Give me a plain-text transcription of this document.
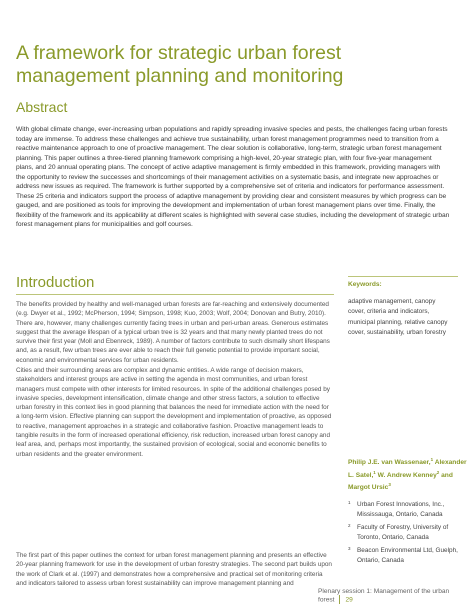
A framework for strategic urban forest management planning and monitoring
Abstract

With global climate change, ever-increasing urban populations and rapidly spreading invasive species and pests, the challenges facing urban forests today are immense. To address these challenges and achieve true sustainability, urban forest management programmes need to transition from a reactive maintenance approach to one of proactive management. The clear solution is collaborative, long-term, strategic urban forest management planning. This paper outlines a three-tiered planning framework comprising a high-level, 20-year strategic plan, with four five-year management plans, and 20 annual operating plans. The concept of active adaptive management is firmly embedded in this framework, providing managers with the opportunity to review the successes and shortcomings of their management activities on a systematic basis, and integrate new approaches or address new issues as required. The framework is further supported by a comprehensive set of criteria and indicators for performance assessment. These 25 criteria and indicators support the process of adaptive management by providing clear and consistent measures by which progress can be gauged, and are positioned as tools for improving the development and implementation of urban forest management plans over time. Finally, the flexibility of the framework and its applicability at different scales is highlighted with several case studies, including the development of strategic urban forest management plans for municipalities and golf courses.

Introduction

The benefits provided by healthy and well-managed urban forests are far-reaching and extensively documented (e.g. Dwyer et al., 1992; McPherson, 1994; Simpson, 1998; Kuo, 2003; Wolf, 2004; Donovan and Butry, 2010). There are, however, many challenges currently facing trees in urban and peri-urban areas. Generous estimates suggest that the average lifespan of a typical urban tree is 32 years and that many newly planted trees do not survive their first year (Moll and Ebenreck, 1989). A number of factors contribute to such dismally short lifespans and, as a result, few urban trees are ever able to reach their full genetic potential to provide important social, economic and environmental services for urban residents.

Cities and their surrounding areas are complex and dynamic entities. A wide range of decision makers, stakeholders and interest groups are active in setting the agenda in most communities, and urban forest managers must compete with other interests for limited resources. In spite of the additional challenges posed by invasive species, development intensification, climate change and other stress factors, a solution to effective urban forestry in this context lies in good planning that balances the need for immediate action with the need for a long-term vision. Effective planning can support the development and implementation of proactive, as opposed to reactive, management approaches in a strategic and collaborative fashion. Proactive management leads to tangible results in the form of increased operational efficiency, risk reduction, increased urban forest canopy and leaf area, and, perhaps most importantly, the sustained provision of ecological, social and economic benefits to urban residents and the greater environment.

The first part of this paper outlines the context for urban forest management planning and presents an effective 20-year planning framework for use in the development of urban forestry strategies. The second part builds upon the work of Clark et al. (1997) and demonstrates how a comprehensive and practical set of monitoring criteria and indicators tailored to assess urban forest sustainability can improve management planning and

Keywords:

adaptive management, canopy cover, criteria and indicators, municipal planning, relative canopy cover, sustainability, urban forestry

Philip J.E. van Wassenaer,$^1$ Alexander L. Satel,$^1$ W. Andrew Kenney$^2$ and Margot Ursic$^3$

1 Urban Forest Innovations, Inc., Mississauga, Ontario, Canada
2 Faculty of Forestry, University of Toronto, Ontario, Canada
3 Beacon Environmental Ltd, Guelph, Ontario, Canada
Plenary session 1: Management of the urban forest 29
